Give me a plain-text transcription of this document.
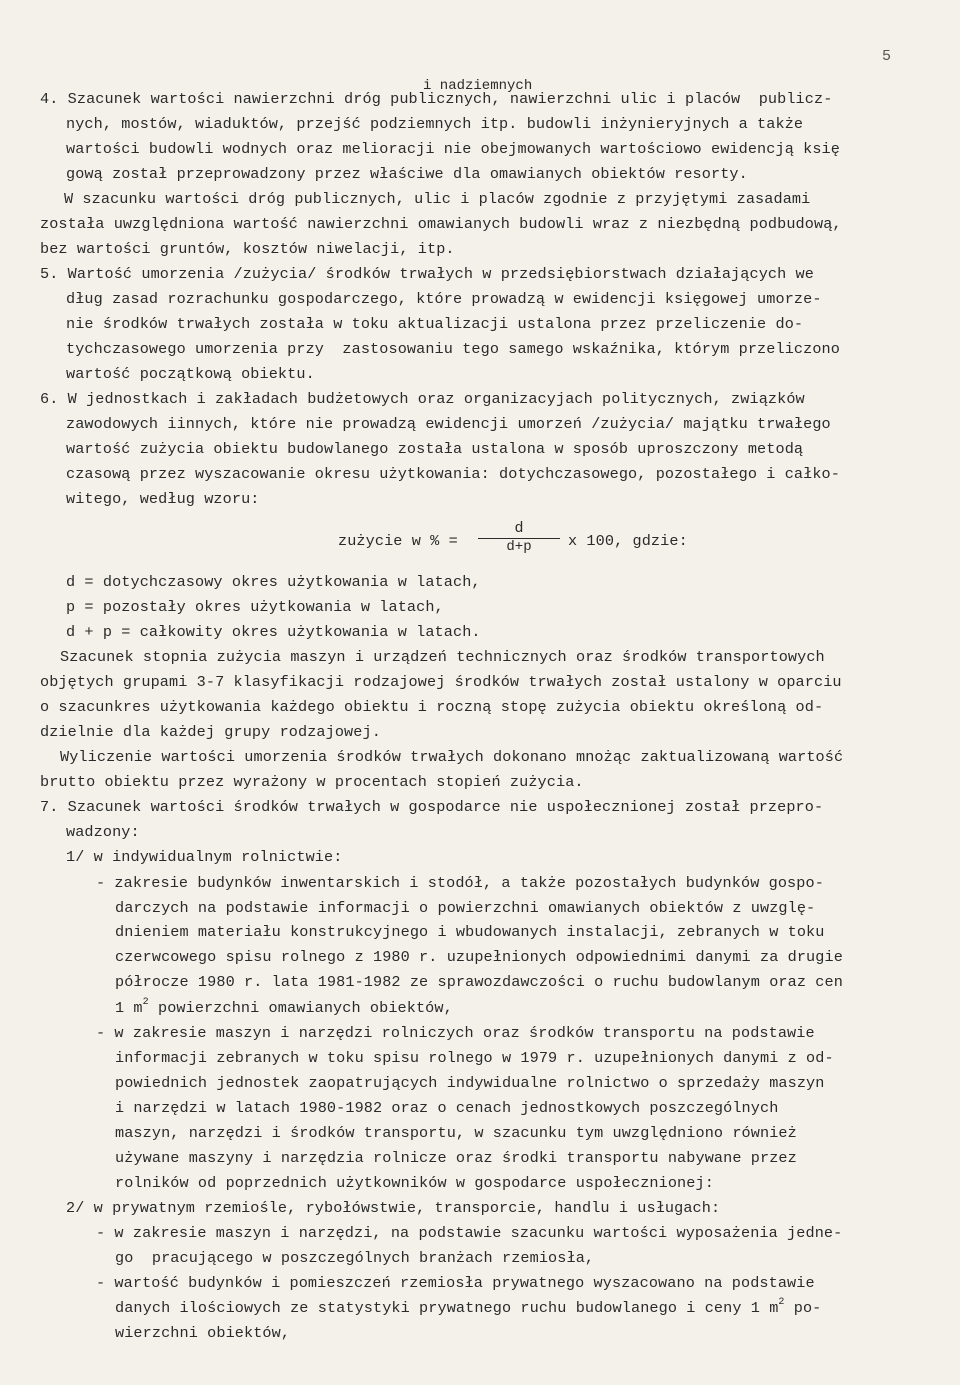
5
i nadziemnych
4. Szacunek wartości nawierzchni dróg publicznych, nawierzchni ulic i placów  publicz-
nych, mostów, wiaduktów, przejść podziemnych itp. budowli inżynieryjnych a także
wartości budowli wodnych oraz melioracji nie obejmowanych wartościowo ewidencją księ
gową został przeprowadzony przez właściwe dla omawianych obiektów resorty.
W szacunku wartości dróg publicznych, ulic i placów zgodnie z przyjętymi zasadami
została uwzględniona wartość nawierzchni omawianych budowli wraz z niezbędną podbudową,
bez wartości gruntów, kosztów niwelacji, itp.
5. Wartość umorzenia /zużycia/ środków trwałych w przedsiębiorstwach działających we
dług zasad rozrachunku gospodarczego, które prowadzą w ewidencji księgowej umorze-
nie środków trwałych została w toku aktualizacji ustalona przez przeliczenie do-
tychczasowego umorzenia przy  zastosowaniu tego samego wskaźnika, którym przeliczono
wartość początkową obiektu.
6. W jednostkach i zakładach budżetowych oraz organizacyjach politycznych, związków
zawodowych iinnych, które nie prowadzą ewidencji umorzeń /zużycia/ majątku trwałego
wartość zużycia obiektu budowlanego została ustalona w sposób uproszczony metodą
czasową przez wyszacowanie okresu użytkowania: dotychczasowego, pozostałego i całko-
witego, według wzoru:
zużycie w % =
d
d+p	x 100, gdzie:
d = dotychczasowy okres użytkowania w latach,
p = pozostały okres użytkowania w latach,
d + p = całkowity okres użytkowania w latach.
Szacunek stopnia zużycia maszyn i urządzeń technicznych oraz środków transportowych
objętych grupami 3-7 klasyfikacji rodzajowej środków trwałych został ustalony w oparciu
o szacunkres użytkowania każdego obiektu i roczną stopę zużycia obiektu określoną od-
dzielnie dla każdej grupy rodzajowej.
Wyliczenie wartości umorzenia środków trwałych dokonano mnożąc zaktualizowaną wartość
brutto obiektu przez wyrażony w procentach stopień zużycia.
7. Szacunek wartości środków trwałych w gospodarce nie uspołecznionej został przepro-
wadzony:
1/ w indywidualnym rolnictwie:
- zakresie budynków inwentarskich i stodół, a także pozostałych budynków gospo-
darczych na podstawie informacji o powierzchni omawianych obiektów z uwzglę-
dnieniem materiału konstrukcyjnego i wbudowanych instalacji, zebranych w toku
czerwcowego spisu rolnego z 1980 r. uzupełnionych odpowiednimi danymi za drugie
półrocze 1980 r. lata 1981-1982 ze sprawozdawczości o ruchu budowlanym oraz cen
1 $m^2$ powierzchni omawianych obiektów,
- w zakresie maszyn i narzędzi rolniczych oraz środków transportu na podstawie
informacji zebranych w toku spisu rolnego w 1979 r. uzupełnionych danymi z od-
powiednich jednostek zaopatrujących indywidualne rolnictwo o sprzedaży maszyn
i narzędzi w latach 1980-1982 oraz o cenach jednostkowych poszczególnych
maszyn, narzędzi i środków transportu, w szacunku tym uwzględniono również
używane maszyny i narzędzia rolnicze oraz środki transportu nabywane przez
rolników od poprzednich użytkowników w gospodarce uspołecznionej:
2/ w prywatnym rzemiośle, rybołówstwie, transporcie, handlu i usługach:
- w zakresie maszyn i narzędzi, na podstawie szacunku wartości wyposażenia jedne-
go  pracującego w poszczególnych branżach rzemiosła,
- wartość budynków i pomieszczeń rzemiosła prywatnego wyszacowano na podstawie
danych ilościowych ze statystyki prywatnego ruchu budowlanego i ceny 1 $m^2$ po-
wierzchni obiektów,
